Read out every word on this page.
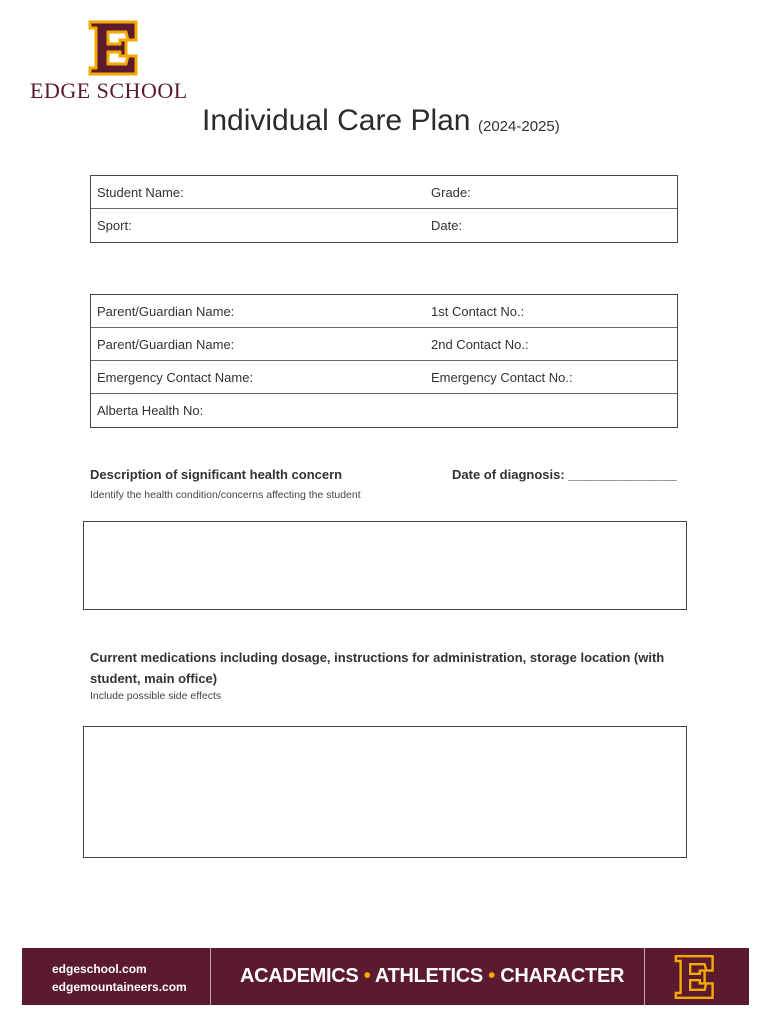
EDGE SCHOOL
Individual Care Plan (2024-2025)
Student Name:	Grade:
Sport:	Date:
Parent/Guardian Name:	1st Contact No.:
Parent/Guardian Name:	2nd Contact No.:
Emergency Contact Name:	Emergency Contact No.:
Alberta Health No:
Description of significant health concern	Date of diagnosis: _______________
Identify the health condition/concerns affecting the student
Current medications including dosage, instructions for administration, storage location (with student, main office)
Include possible side effects
edgeschool.com
edgemountaineers.com	ACADEMICS • ATHLETICS • CHARACTER
